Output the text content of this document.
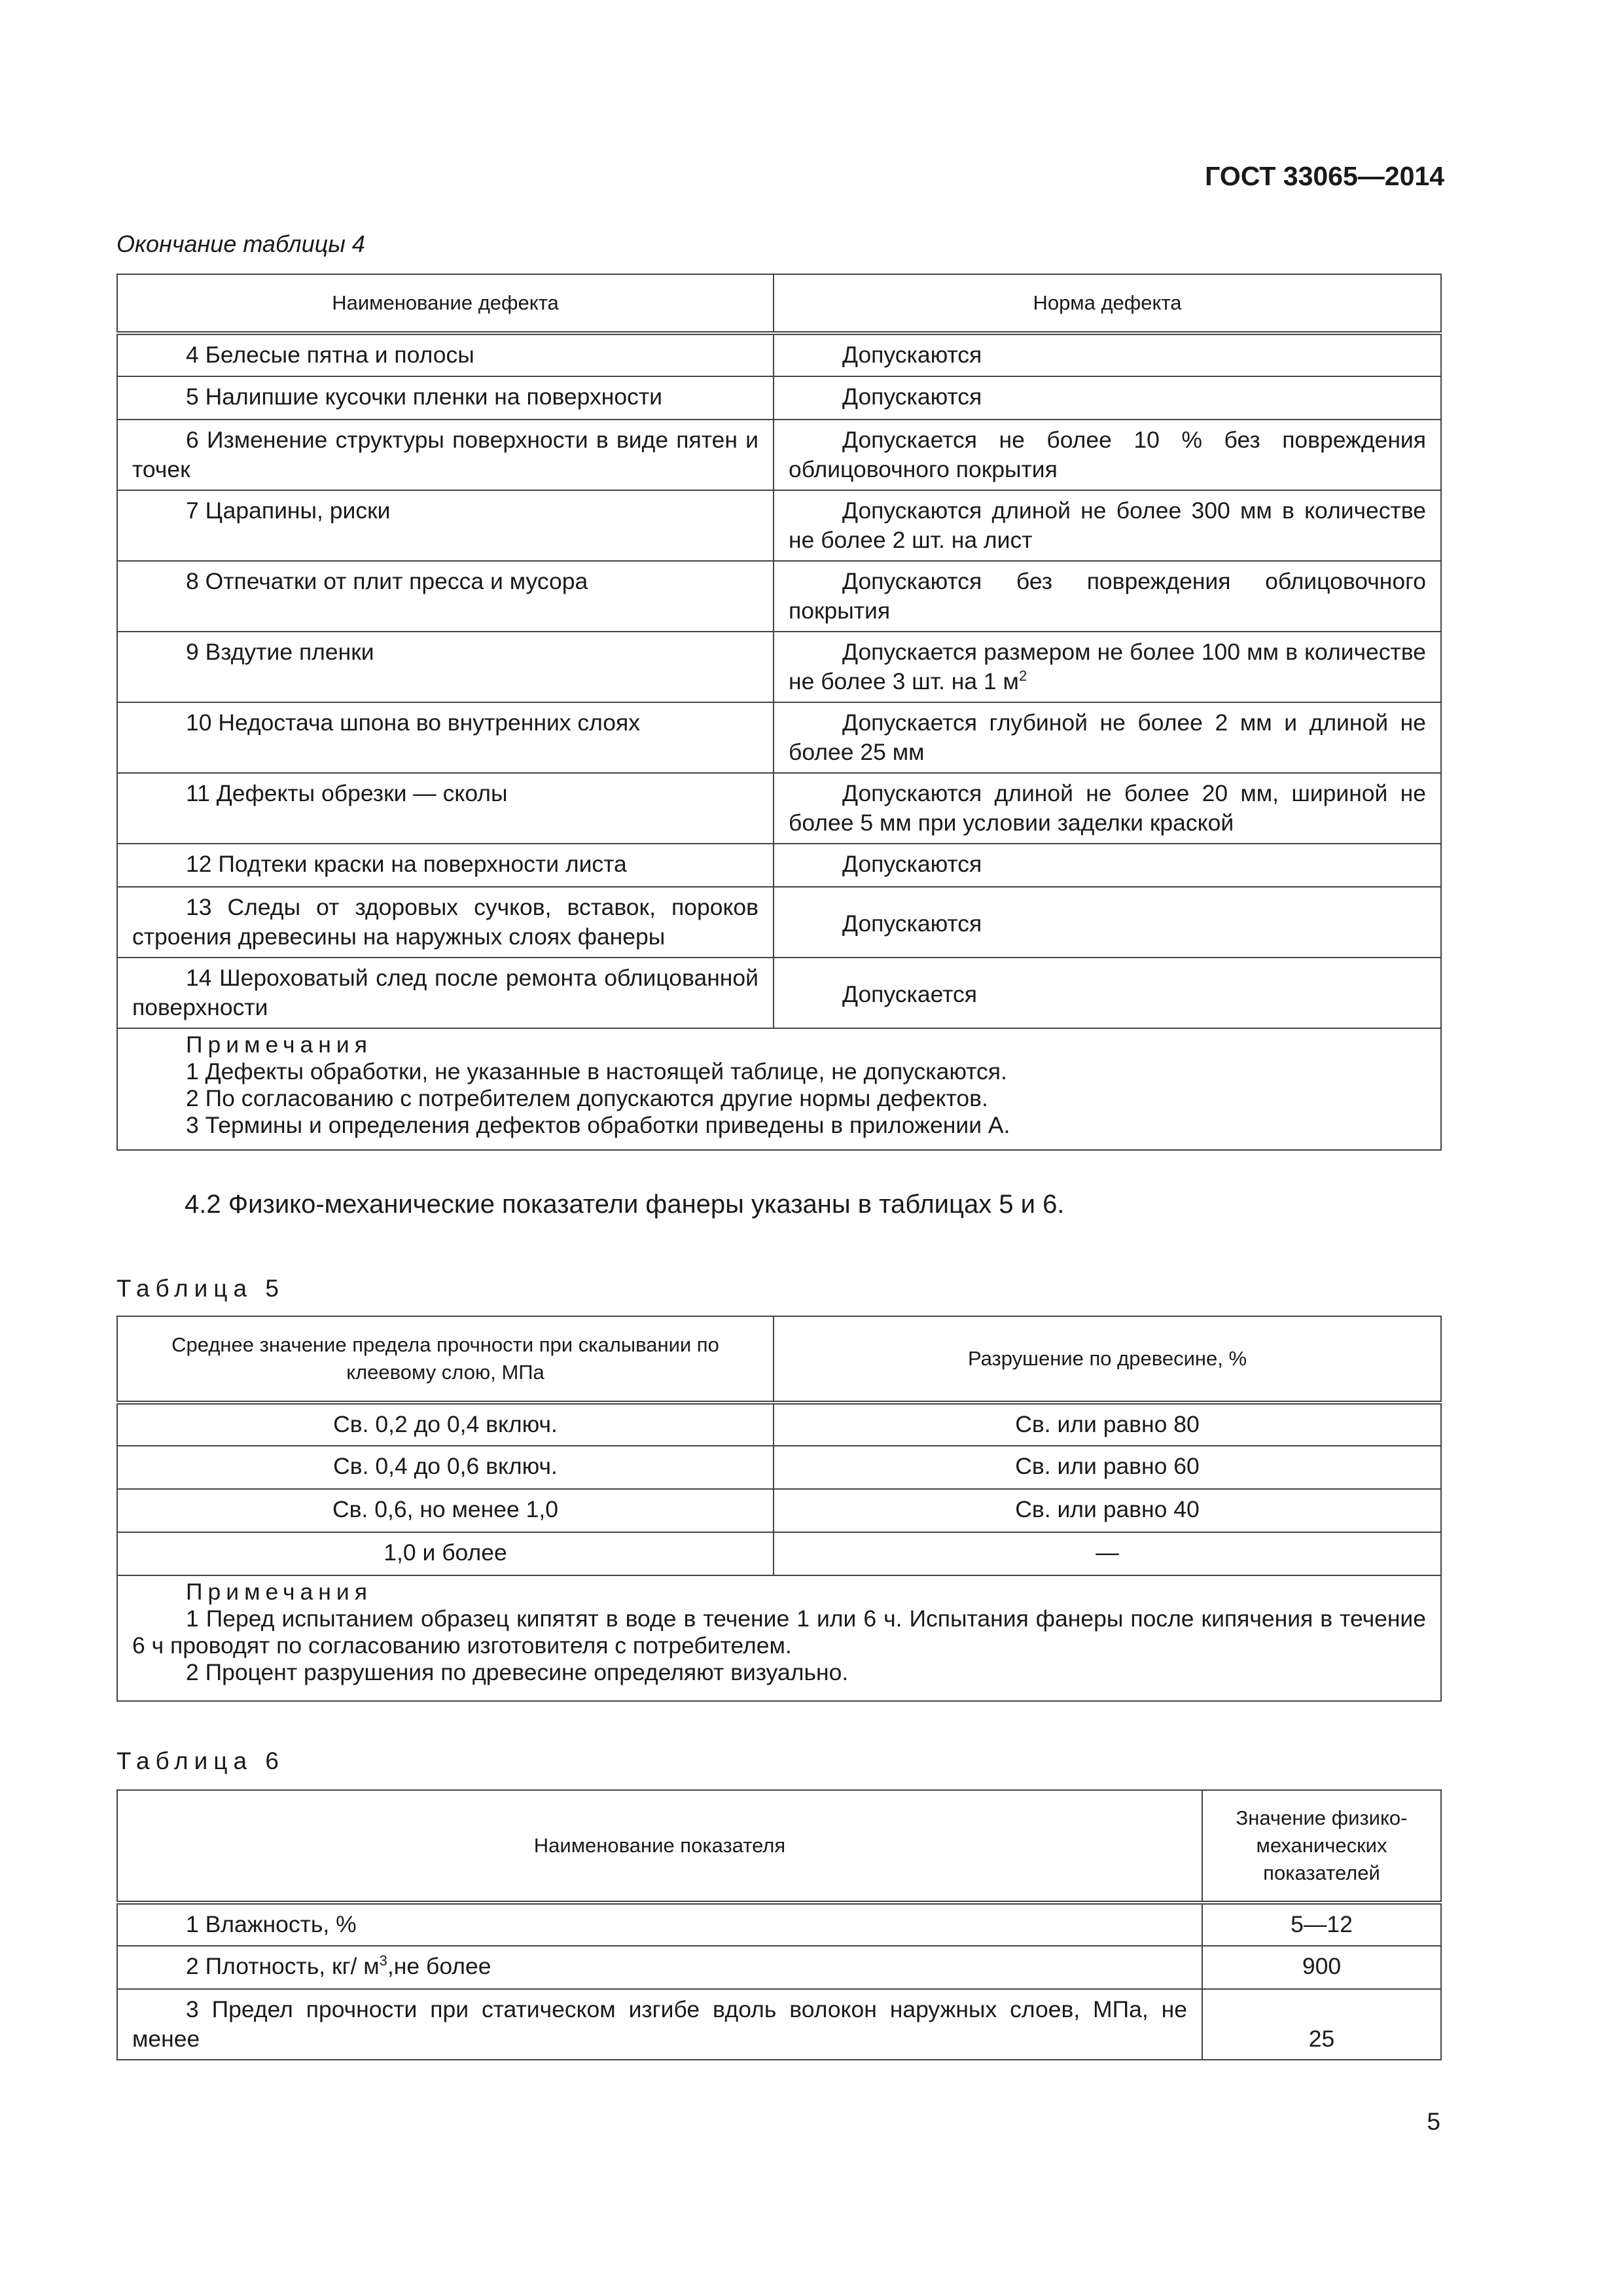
ГОСТ 33065—2014
Окончание таблицы 4
Наименование дефекта	Норма дефекта
4 Белесые пятна и полосы	Допускаются
5 Налипшие кусочки пленки на поверхности	Допускаются
6 Изменение структуры поверхности в виде пятен и точек	Допускается не более 10 % без повреждения облицовочного покрытия
7 Царапины, риски	Допускаются длиной не более 300 мм в количестве не более 2 шт. на лист
8 Отпечатки от плит пресса и мусора	Допускаются без повреждения облицовочного покрытия
9 Вздутие пленки	Допускается размером не более 100 мм в количестве не более 3 шт. на 1 $м^2$
10 Недостача шпона во внутренних слоях	Допускается глубиной не более 2 мм и длиной не более 25 мм
11 Дефекты обрезки — сколы	Допускаются длиной не более 20 мм, шириной не более 5 мм при условии заделки краской
12 Подтеки краски на поверхности листа	Допускаются
13 Следы от здоровых сучков, вставок, пороков строения древесины на наружных слоях фанеры	Допускаются
14 Шероховатый след после ремонта облицованной поверхности	Допускается

Примечания
1 Дефекты обработки, не указанные в настоящей таблице, не допускаются.
2 По согласованию с потребителем допускаются другие нормы дефектов.
3 Термины и определения дефектов обработки приведены в приложении А.	
4.2 Физико-механические показатели фанеры указаны в таблицах 5 и 6.
Таблица 5
Среднее значение предела прочности при скалывании по клеевому слою, МПа	Разрушение по древесине, %
Св. 0,2 до 0,4 включ.	Св. или равно 80
Св. 0,4 до 0,6 включ.	Св. или равно 60
Св. 0,6, но менее 1,0	Св. или равно 40
1,0 и более	—

Примечания
1 Перед испытанием образец кипятят в воде в течение 1 или 6 ч. Испытания фанеры после кипячения в течение 6 ч проводят по согласованию изготовителя с потребителем.
2 Процент разрушения по древесине определяют визуально.	
Таблица 6
Наименование показателя	Значение физико-механических показателей
1 Влажность, %	5—12
2 Плотность, кг/ $м^3,не$ более	900
3 Предел прочности при статическом изгибе вдоль волокон наружных слоев, МПа, не менее	25
5
